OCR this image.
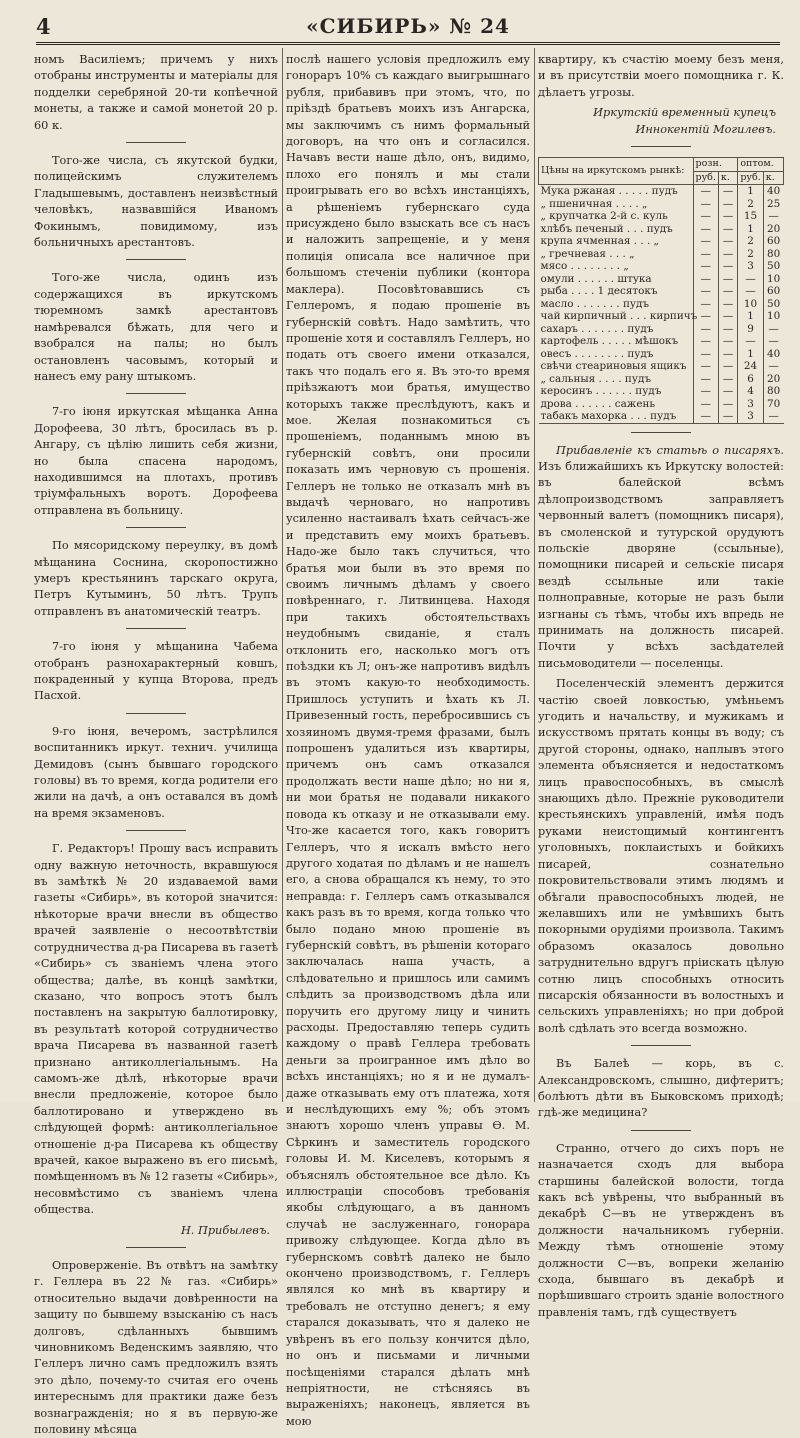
4	«СИБИРЬ» № 24

номъ Василіемъ; причемъ у нихъ отобраны инструменты и матеріалы для подделки серебряной 20-ти копѣечной монеты, а также и самой монетой 20 р. 60 к.

Того-же числа, съ якутской будки, полицейскимъ служителемъ Гладышевымъ, доставленъ неизвѣстный человѣкъ, назвавшійся Иваномъ Фокинымъ, повидимому, изъ больничныхъ арестантовъ.

Того-же числа, одинъ изъ содержащихся въ иркутскомъ тюремномъ замкѣ арестантовъ намѣревался бѣжать, для чего и взобрался на палы; но былъ остановленъ часовымъ, который и нанесъ ему рану штыкомъ.

7-го іюня иркутская мѣщанка Анна Дорофеева, 30 лѣтъ, бросилась въ р. Ангару, съ цѣлію лишить себя жизни, но была спасена народомъ, находившимся на плотахъ, противъ тріумфальныхъ воротъ. Дорофеева отправлена въ больницу.

По мясоридскому переулку, въ домѣ мѣщанина Соснина, скоропостижно умеръ крестьянинъ тарскаго округа, Петръ Кутыминъ, 50 лѣтъ. Трупъ отправленъ въ анатомическій театръ.

7-го іюня у мѣщанина Чабема отобранъ разнохарактерный ковшъ, покраденный у купца Второва, предъ Пасхой.

9-го іюня, вечеромъ, застрѣлился воспитанникъ иркут. технич. училища Демидовъ (сынъ бывшаго городского головы) въ то время, когда родители его жили на дачѣ, а онъ оставался въ домѣ на время экзаменовъ.

Г. Редакторъ! Прошу васъ исправить одну важную неточность, вкравшуюся въ замѣткѣ № 20 издаваемой вами газеты «Сибирь», въ которой значится: нѣкоторые врачи внесли въ общество врачей заявленіе о несоотвѣтствіи сотрудничества д-ра Писарева въ газетѣ «Сибирь» съ званіемъ члена этого общества; далѣе, въ концѣ замѣтки, сказано, что вопросъ этотъ былъ поставленъ на закрытую баллотировку, въ результатѣ которой сотрудничество врача Писарева въ названной газетѣ признано антиколлегіальнымъ. На самомъ-же дѣлѣ, нѣкоторые врачи внесли предложеніе, которое было баллотировано и утверждено въ слѣдующей формѣ: антиколлегіальное отношеніе д-ра Писарева къ обществу врачей, какое выражено въ его письмѣ, помѣщенномъ въ № 12 газеты «Сибирь», несовмѣстимо съ званіемъ члена общества.

Н. Прибылевъ.

Опроверженіе. Въ отвѣтъ на замѣтку г. Геллера въ 22 № газ. «Сибирь» относительно выдачи довѣренности на защиту по бывшему взысканію съ насъ долговъ, сдѣланныхъ бывшимъ чиновникомъ Веденскимъ заявляю, что Геллеръ лично самъ предложилъ взять это дѣло, почему-то считая его очень интереснымъ для практики даже безъ вознагражденія; но я въ первую-же половину мѣсяца

послѣ нашего условія предложилъ ему гонораръ 10% съ каждаго выигрышнаго рубля, прибавивъ при этомъ, что, по пріѣздѣ братьевъ моихъ изъ Ангарска, мы заключимъ съ нимъ формальный договоръ, на что онъ и согласился. Начавъ вести наше дѣло, онъ, видимо, плохо его понялъ и мы стали проигрывать его во всѣхъ инстанціяхъ, а рѣшеніемъ губернскаго суда присуждено было взыскать все съ насъ и наложить запрещеніе, и у меня полиція описала все наличное при большомъ стеченіи публики (контора маклера). Посовѣтовавшись съ Геллеромъ, я подаю прошеніе въ губернскій совѣтъ. Надо замѣтить, что прошеніе хотя и составлялъ Геллеръ, но подать отъ своего имени отказался, такъ что подалъ его я. Въ это-то время пріѣзжаютъ мои братья, имущество которыхъ также преслѣдуютъ, какъ и мое. Желая познакомиться съ прошеніемъ, поданнымъ мною въ губернскій совѣтъ, они просили показать имъ черновую съ прошенія. Геллеръ не только не отказалъ мнѣ въ выдачѣ черноваго, но напротивъ усиленно настаивалъ ѣхать сейчасъ-же и представить ему моихъ братьевъ. Надо-же было такъ случиться, что братья мои были въ это время по своимъ личнымъ дѣламъ у своего повѣреннаго, г. Литвинцева. Находя при такихъ обстоятельствахъ неудобнымъ свиданіе, я сталъ отклонить его, насколько могъ отъ поѣздки къ Л; онъ-же напротивъ видѣлъ въ этомъ какую-то необходимость. Пришлось уступить и ѣхать къ Л. Привезенный гость, перебросившись съ хозяиномъ двумя-тремя фразами, былъ попрошенъ удалиться изъ квартиры, причемъ онъ самъ отказался продолжать вести наше дѣло; но ни я, ни мои братья не подавали никакого повода къ отказу и не отказывали ему. Что-же касается того, какъ говоритъ Геллеръ, что я искалъ вмѣсто него другого ходатая по дѣламъ и не нашелъ его, а снова обращался къ нему, то это неправда: г. Геллеръ самъ отказывался какъ разъ въ то время, когда только что было подано мною прошеніе въ губернскій совѣтъ, въ рѣшеніи котораго заключалась наша участь, а слѣдовательно и пришлось или самимъ слѣдить за производствомъ дѣла или поручить его другому лицу и чинить расходы. Предоставляю теперь судить каждому о правѣ Геллера требовать деньги за проигранное имъ дѣло во всѣхъ инстанціяхъ; но я и не думалъ-даже отказывать ему отъ платежа, хотя и неслѣдующихъ ему %; объ этомъ знаютъ хорошо членъ управы Ѳ. М. Сѣркинъ и заместитель городского головы И. М. Киселевъ, которымъ я объяснялъ обстоятельное все дѣло. Къ иллюстраціи способовъ требованія якобы слѣдующаго, а въ данномъ случаѣ не заслуженнаго, гонорара привожу слѣдующее. Когда дѣло въ губернскомъ совѣтѣ далеко не было окончено производствомъ, г. Геллеръ являлся ко мнѣ въ квартиру и требовалъ не отступно денегъ; я ему старался доказывать, что я далеко не увѣренъ въ его пользу кончится дѣло, но онъ и письмами и личными посѣщеніями старался дѣлать мнѣ непріятности, не стѣсняясь въ выраженіяхъ; наконецъ, является въ мою

квартиру, къ счастію моему безъ меня, и въ присутствіи моего помощника г. К. дѣлаетъ угрозы.

Иркутскій временный купецъ Иннокентій Могилевъ.
Цѣны на иркутскомъ рынкѣ:	розн.		оптом.	
	руб.	к.	руб.	к.
Мука ржаная . . . . . пудъ	—	—	1	40
„ пшеничная . . . . „	—	—	2	25
„ крупчатка 2-й с. куль	—	—	15	—
хлѣбъ печеный . . . пудъ	—	—	1	20
крупа ячменная . . . „	—	—	2	60
„ гречневая . . . „	—	—	2	80
мясо . . . . . . . . „	—	—	3	50
омули . . . . . . штука	—	—	—	10
рыба . . . . 1 десятокъ	—	—	—	60
масло . . . . . . . пудъ	—	—	10	50
чай кирпичный . . . кирпичъ	—	—	1	10
сахаръ . . . . . . . пудъ	—	—	9	—
картофель . . . . . мѣшокъ	—	—	—	—
овесъ . . . . . . . . пудъ	—	—	1	40
свѣчи стеариновыя ящикъ	—	—	24	—
„ сальныя . . . . пудъ	—	—	6	20
керосинъ . . . . . . пудъ	—	—	4	80
дрова . . . . . . сажень	—	—	3	70
табакъ махорка . . . пудъ	—	—	3	—

Прибавленіе къ статьѣ о писаряхъ. Изъ ближайшихъ къ Иркутску волостей: въ балейской всѣмъ дѣлопроизводствомъ заправляетъ червонный валетъ (помощникъ писаря), въ смоленской и тутурской орудуютъ польскіе дворяне (ссыльные), помощники писарей и сельскіе писаря вездѣ ссыльные или такіе полноправные, которые не разъ были изгнаны съ тѣмъ, чтобы ихъ впредь не принимать на должность писарей. Почти у всѣхъ засѣдателей письмоводители — поселенцы.

Поселенческій элементъ держится частію своей ловкостью, умѣньемъ угодить и начальству, и мужикамъ и искусствомъ прятать концы въ воду; съ другой стороны, однако, наплывъ этого элемента объясняется и недостаткомъ лицъ правоспособныхъ, въ смыслѣ знающихъ дѣло. Прежніе руководители крестьянскихъ управленій, имѣя подъ руками неистощимый контингентъ уголовныхъ, поклаистыхъ и бойкихъ писарей, сознательно покровительствовали этимъ людямъ и обѣгали правоспособныхъ людей, не желавшихъ или не умѣвшихъ быть покорными орудіями произвола. Такимъ образомъ оказалось довольно затруднительно вдругъ пріискать цѣлую сотню лицъ способныхъ относить писарскія обязанности въ волостныхъ и сельскихъ управленіяхъ; но при доброй волѣ сдѣлать это всегда возможно.

Въ Балеѣ — корь, въ с. Александровскомъ, слышно, дифтеритъ; болѣютъ дѣти въ Быковскомъ приходѣ; гдѣ-же медицина?

Странно, отчего до сихъ поръ не назначается сходъ для выбора старшины балейской волости, тогда какъ всѣ увѣрены, что выбранный въ декабрѣ С—въ не утвержденъ въ должности начальникомъ губерніи. Между тѣмъ отношеніе этому должности С—въ, вопреки желанію схода, бывшаго въ декабрѣ и порѣшившаго строить зданіе волостного правленія тамъ, гдѣ существуетъ
